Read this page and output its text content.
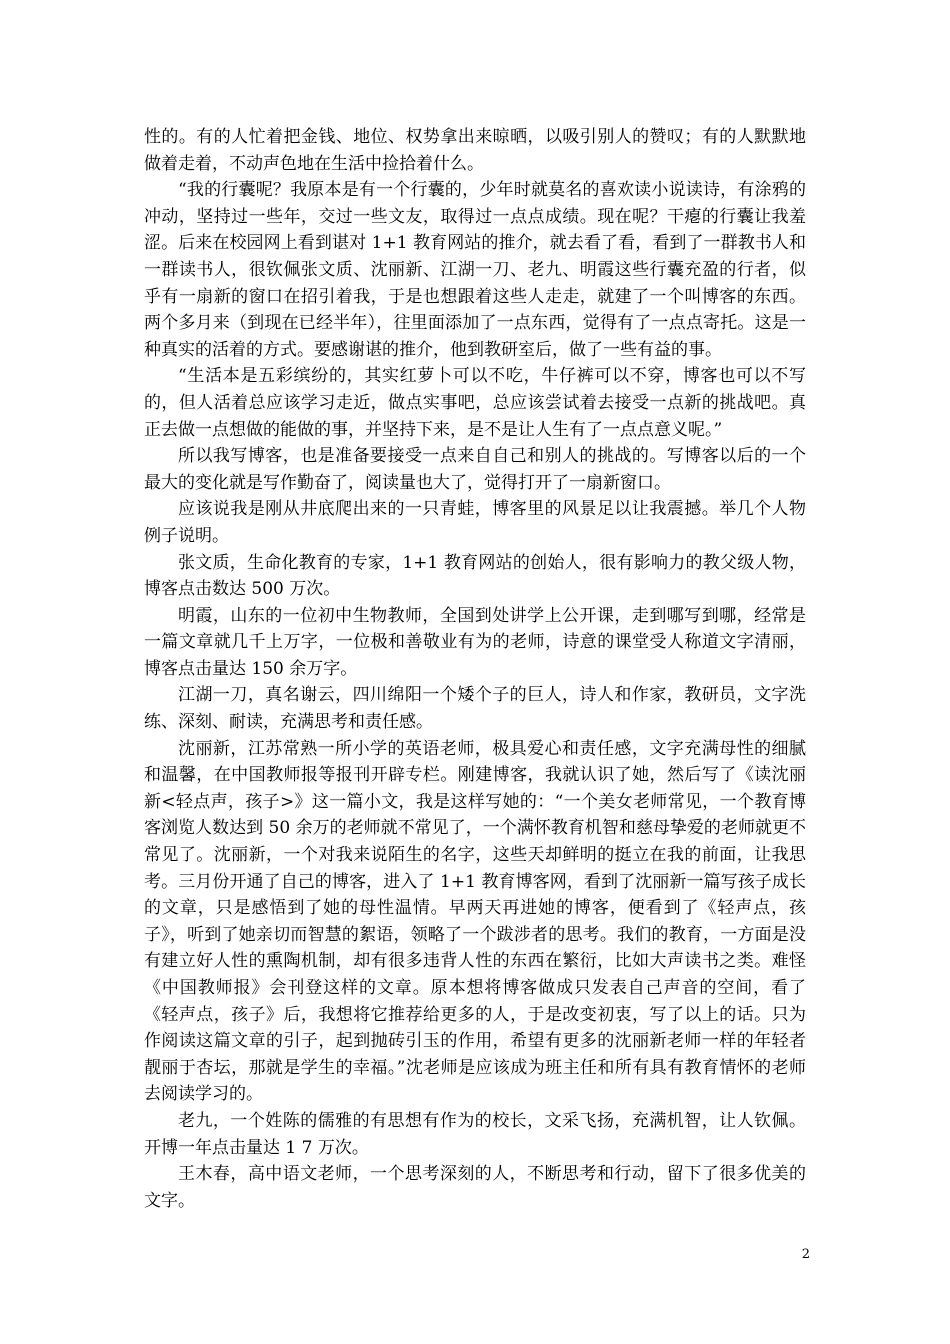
性的。有的人忙着把金钱、地位、权势拿出来晾晒，以吸引别人的赞叹；有的人默默地做着走着，不动声色地在生活中捡拾着什么。

“我的行囊呢？我原本是有一个行囊的，少年时就莫名的喜欢读小说读诗，有涂鸦的冲动，坚持过一些年，交过一些文友，取得过一点点成绩。现在呢？干瘪的行囊让我羞涩。后来在校园网上看到谌对 1+1 教育网站的推介，就去看了看，看到了一群教书人和一群读书人，很钦佩张文质、沈丽新、江湖一刀、老九、明霞这些行囊充盈的行者，似乎有一扇新的窗口在招引着我，于是也想跟着这些人走走，就建了一个叫博客的东西。两个多月来（到现在已经半年），往里面添加了一点东西，觉得有了一点点寄托。这是一种真实的活着的方式。要感谢谌的推介，他到教研室后，做了一些有益的事。

“生活本是五彩缤纷的，其实红萝卜可以不吃，牛仔裤可以不穿，博客也可以不写的，但人活着总应该学习走近，做点实事吧，总应该尝试着去接受一点新的挑战吧。真正去做一点想做的能做的事，并坚持下来，是不是让人生有了一点点意义呢。”

所以我写博客，也是准备要接受一点来自自己和别人的挑战的。写博客以后的一个最大的变化就是写作勤奋了，阅读量也大了，觉得打开了一扇新窗口。

应该说我是刚从井底爬出来的一只青蛙，博客里的风景足以让我震撼。举几个人物例子说明。

张文质，生命化教育的专家，1+1 教育网站的创始人，很有影响力的教父级人物，博客点击数达 500 万次。

明霞，山东的一位初中生物教师，全国到处讲学上公开课，走到哪写到哪，经常是一篇文章就几千上万字，一位极和善敬业有为的老师，诗意的课堂受人称道文字清丽，博客点击量达 150 余万字。

江湖一刀，真名谢云，四川绵阳一个矮个子的巨人，诗人和作家，教研员，文字洗练、深刻、耐读，充满思考和责任感。

沈丽新，江苏常熟一所小学的英语老师，极具爱心和责任感，文字充满母性的细腻和温馨，在中国教师报等报刊开辟专栏。刚建博客，我就认识了她，然后写了《读沈丽新<轻点声，孩子>》这一篇小文，我是这样写她的：“一个美女老师常见，一个教育博客浏览人数达到 50 余万的老师就不常见了，一个满怀教育机智和慈母挚爱的老师就更不常见了。沈丽新，一个对我来说陌生的名字，这些天却鲜明的挺立在我的前面，让我思考。三月份开通了自己的博客，进入了 1+1 教育博客网，看到了沈丽新一篇写孩子成长的文章，只是感悟到了她的母性温情。早两天再进她的博客，便看到了《轻声点，孩子》，听到了她亲切而智慧的絮语，领略了一个跋涉者的思考。我们的教育，一方面是没有建立好人性的熏陶机制，却有很多违背人性的东西在繁衍，比如大声读书之类。难怪《中国教师报》会刊登这样的文章。原本想将博客做成只发表自己声音的空间，看了《轻声点，孩子》后，我想将它推荐给更多的人，于是改变初衷，写了以上的话。只为作阅读这篇文章的引子，起到抛砖引玉的作用，希望有更多的沈丽新老师一样的年轻者靓丽于杏坛，那就是学生的幸福。”沈老师是应该成为班主任和所有具有教育情怀的老师去阅读学习的。

老九，一个姓陈的儒雅的有思想有作为的校长，文采飞扬，充满机智，让人钦佩。开博一年点击量达 1 7 万次。

王木春，高中语文老师，一个思考深刻的人，不断思考和行动，留下了很多优美的文字。

2
